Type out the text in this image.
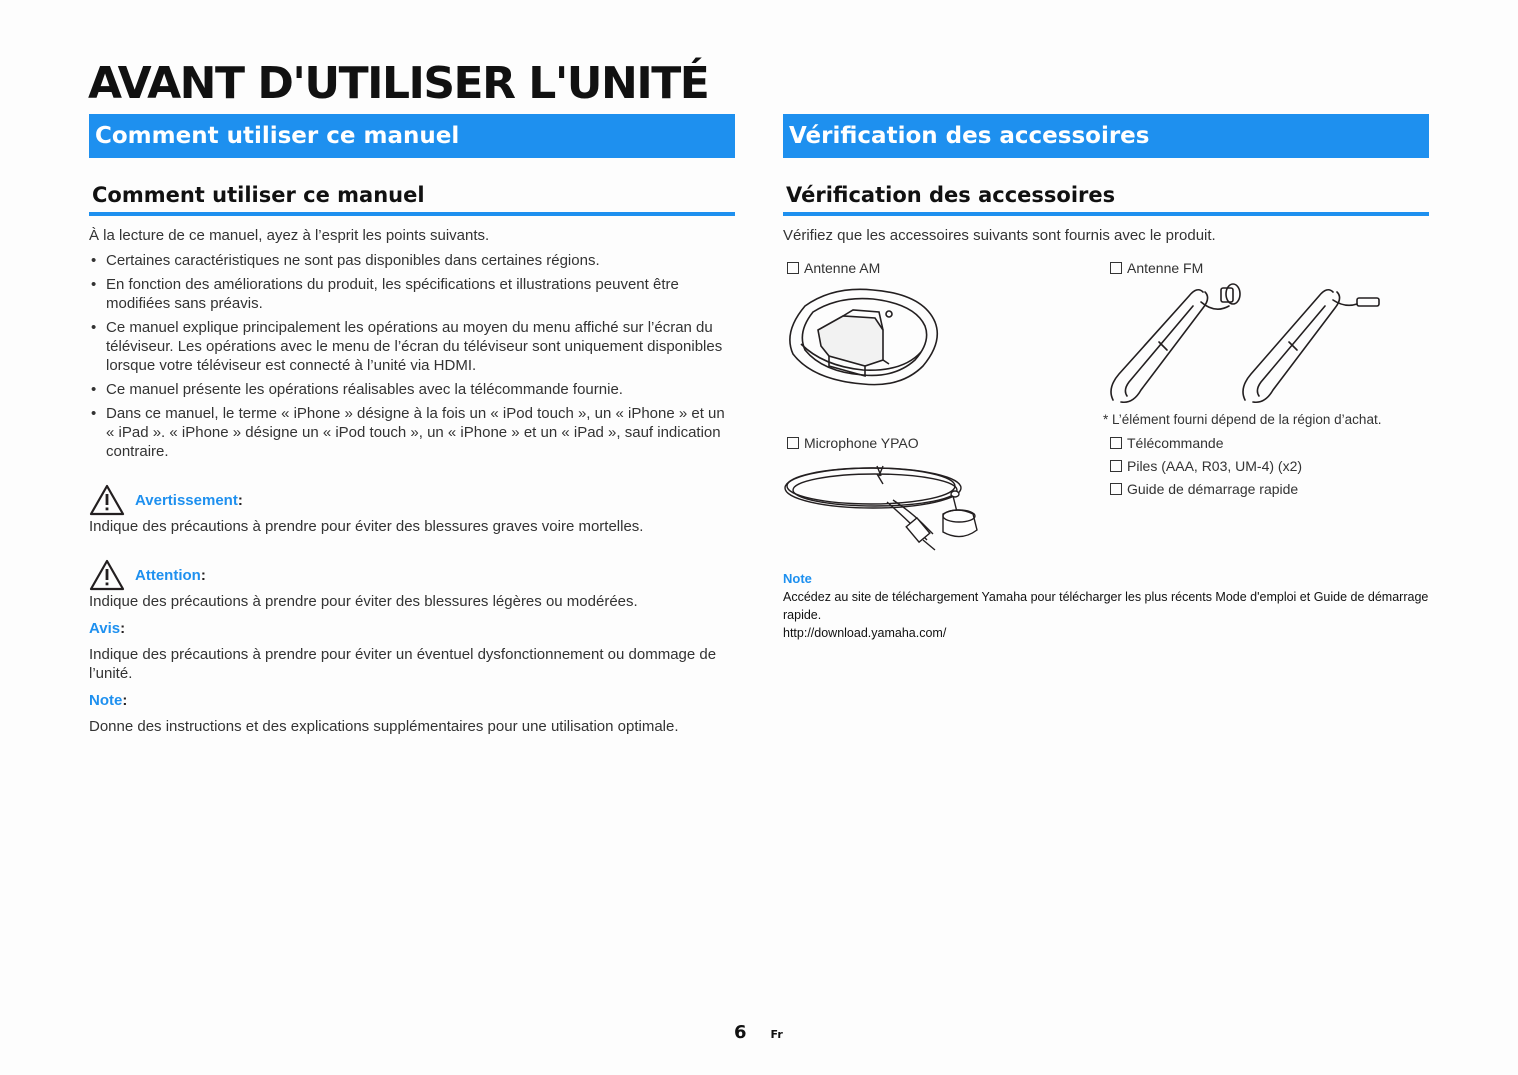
AVANT D'UTILISER L'UNITÉ
Comment utiliser ce manuel	Vérification des accessoires
Comment utiliser ce manuel	Vérification des accessoires

À la lecture de ce manuel, ayez à l’esprit les points suivants.

• Certaines caractéristiques ne sont pas disponibles dans certaines régions.
• En fonction des améliorations du produit, les spécifications et illustrations peuvent être modifiées sans préavis.
• Ce manuel explique principalement les opérations au moyen du menu affiché sur l’écran du téléviseur. Les opérations avec le menu de l’écran du téléviseur sont uniquement disponibles lorsque votre téléviseur est connecté à l’unité via HDMI.
• Ce manuel présente les opérations réalisables avec la télécommande fournie.
• Dans ce manuel, le terme « iPhone » désigne à la fois un « iPod touch », un « iPhone » et un « iPad ». « iPhone » désigne un « iPod touch », un « iPhone » et un « iPad », sauf indication contraire.
Avertissement :

Indique des précautions à prendre pour éviter des blessures graves voire mortelles.

Attention :

Indique des précautions à prendre pour éviter des blessures légères ou modérées.

Avis:

Indique des précautions à prendre pour éviter un éventuel dysfonctionnement ou dommage de l’unité.

Note:

Donne des instructions et des explications supplémentaires pour une utilisation optimale.

Vérifiez que les accessoires suivants sont fournis avec le produit.

Antenne AM	Antenne FM
* L’élément fourni dépend de la région d’achat.
Microphone YPAO	Télécommande
Piles (AAA, R03, UM-4) (x2)
Guide de démarrage rapide
Note
Accédez au site de téléchargement Yamaha pour télécharger les plus récents Mode d'emploi et Guide de démarrage rapide.
http://download.yamaha.com/
6 Fr
